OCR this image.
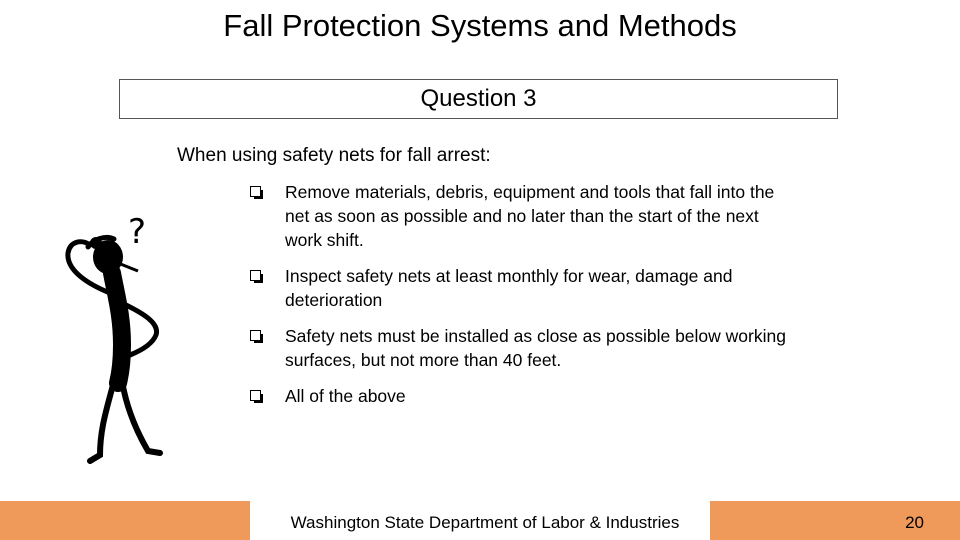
Fall Protection Systems and Methods
Question 3
When using safety nets for fall arrest:
Remove materials, debris, equipment and tools that fall into the net as soon as possible and no later than the start of the next work shift.
Inspect safety nets at least monthly for wear, damage and deterioration
Safety nets must be installed as close as possible below working surfaces, but not more than 40 feet.
All of the above
?
Washington State Department of Labor & Industries	20
